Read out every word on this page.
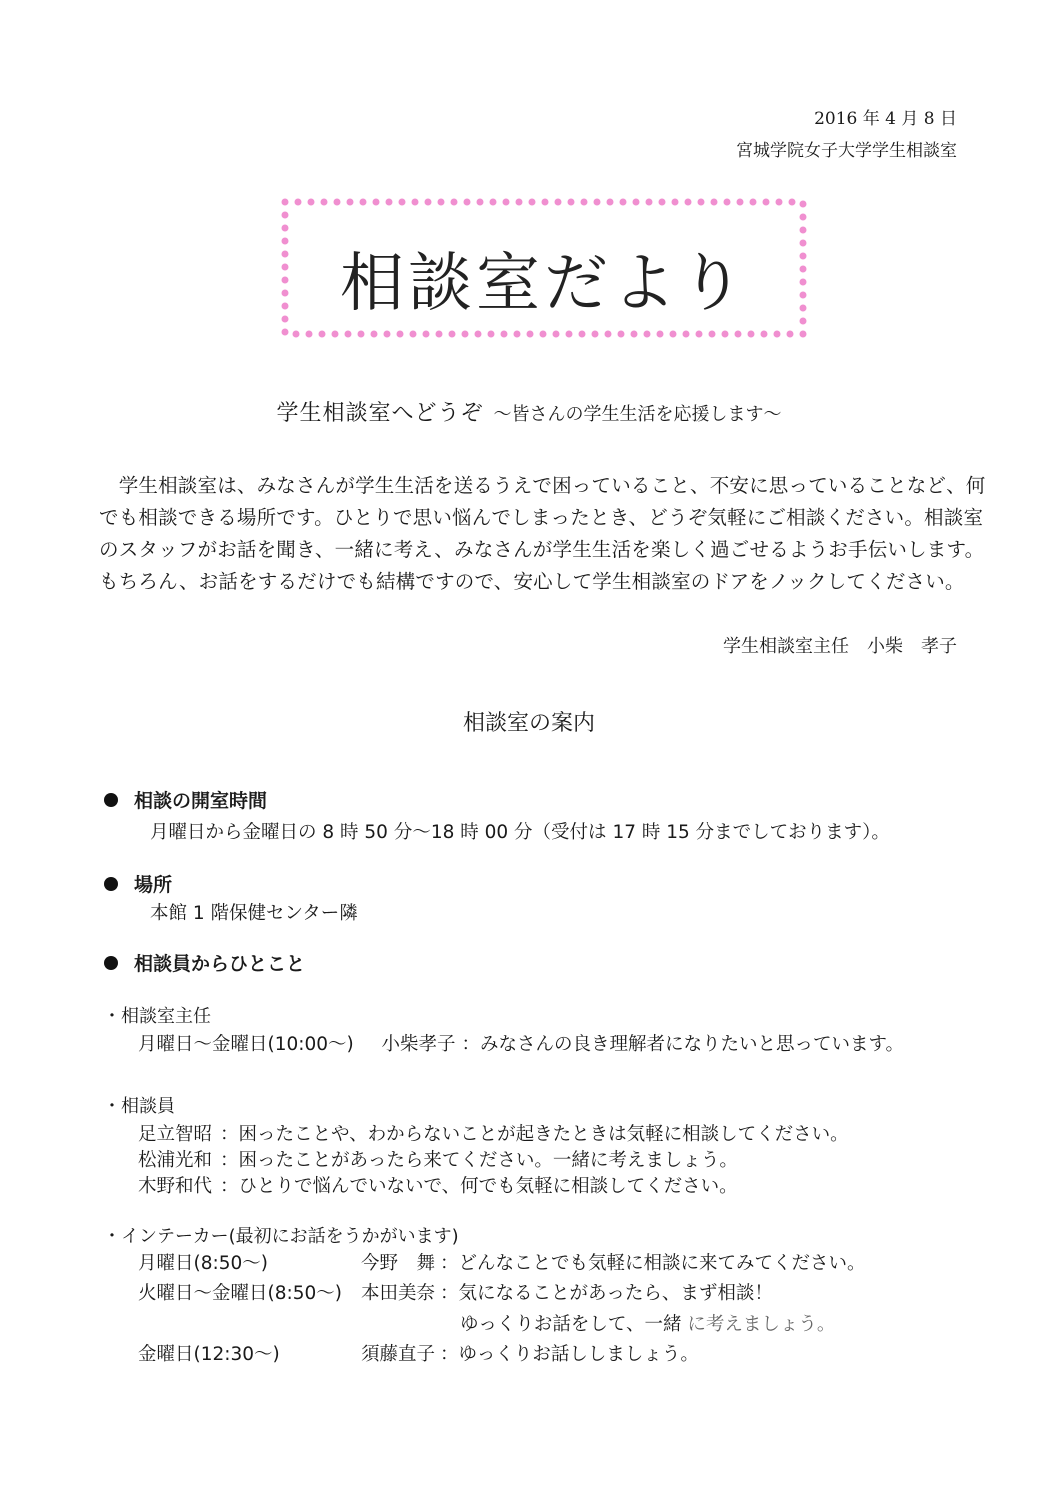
2016 年 4 月 8 日
宮城学院女子大学学生相談室
相談室だより
学生相談室へどうぞ ～皆さんの学生生活を応援します～

　学生相談室は、みなさんが学生生活を送るうえで困っていること、不安に思っていることなど、何

でも相談できる場所です。ひとりで思い悩んでしまったとき、どうぞ気軽にご相談ください。相談室

のスタッフがお話を聞き、一緒に考え、みなさんが学生生活を楽しく過ごせるようお手伝いします。

もちろん、お話をするだけでも結構ですので、安心して学生相談室のドアをノックしてください。

学生相談室主任　小柴　孝子
相談室の案内
相談の開室時間
月曜日から金曜日の 8 時 50 分～18 時 00 分（受付は 17 時 15 分までしております）。
場所
本館 1 階保健センター隣
相談員からひとこと
・相談室主任
月曜日～金曜日(10:00～) 小柴孝子 ：みなさんの良き理解者になりたいと思っています。
・相談員
足立智昭 ：困ったことや、わからないことが起きたときは気軽に相談してください。
松浦光和 ：困ったことがあったら来てください。一緒に考えましょう。
木野和代 ：ひとりで悩んでいないで、何でも気軽に相談してください。
・インテーカー(最初にお話をうかがいます)
月曜日(8:50～)	今野　舞 ：どんなことでも気軽に相談に来てみてください。
火曜日～金曜日(8:50～) 本田美奈 ：気になることがあったら、まず相談！
ゆっくりお話をして、一緒 に考えましょう。
金曜日(12:30～)	須藤直子 ：ゆっくりお話ししましょう。
